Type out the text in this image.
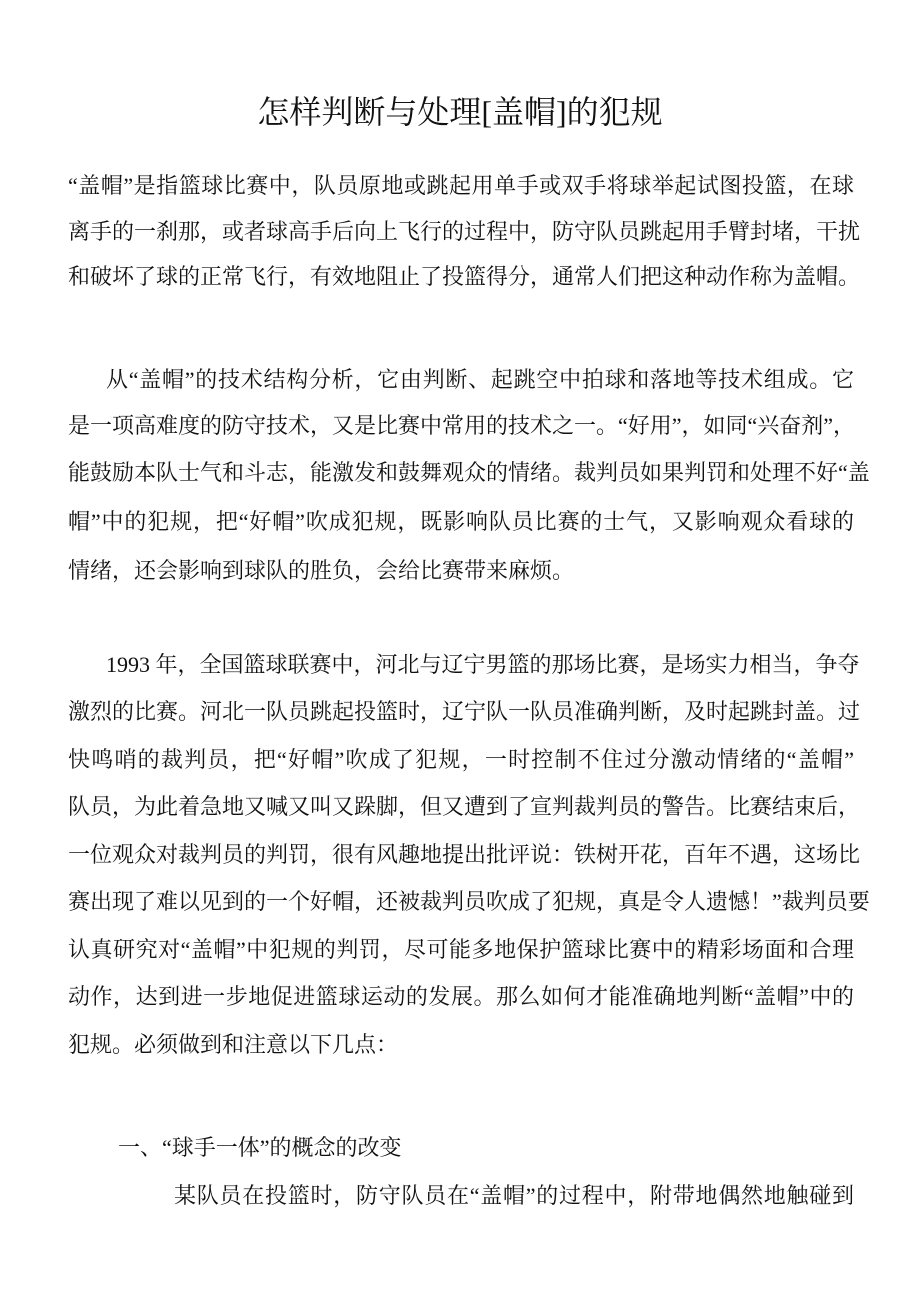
怎样判断与处理[盖帽]的犯规
“盖帽”是指篮球比赛中，队员原地或跳起用单手或双手将球举起试图投篮，在球
离手的一刹那，或者球高手后向上飞行的过程中，防守队员跳起用手臂封堵，干扰
和破坏了球的正常飞行，有效地阻止了投篮得分，通常人们把这种动作称为盖帽。
从“盖帽”的技术结构分析，它由判断、起跳空中拍球和落地等技术组成。它
是一项高难度的防守技术，又是比赛中常用的技术之一。“好用”，如同“兴奋剂”，
能鼓励本队士气和斗志，能激发和鼓舞观众的情绪。裁判员如果判罚和处理不好“盖
帽”中的犯规，把“好帽”吹成犯规，既影响队员比赛的士气，又影响观众看球的
情绪，还会影响到球队的胜负，会给比赛带来麻烦。
1993 年，全国篮球联赛中，河北与辽宁男篮的那场比赛，是场实力相当，争夺
激烈的比赛。河北一队员跳起投篮时，辽宁队一队员准确判断，及时起跳封盖。过
快鸣哨的裁判员，把“好帽”吹成了犯规，一时控制不住过分激动情绪的“盖帽”
队员，为此着急地又喊又叫又跺脚，但又遭到了宣判裁判员的警告。比赛结束后，
一位观众对裁判员的判罚，很有风趣地提出批评说：铁树开花，百年不遇，这场比
赛出现了难以见到的一个好帽，还被裁判员吹成了犯规，真是令人遗憾！”裁判员要
认真研究对“盖帽”中犯规的判罚，尽可能多地保护篮球比赛中的精彩场面和合理
动作，达到进一步地促进篮球运动的发展。那么如何才能准确地判断“盖帽”中的
犯规。必须做到和注意以下几点：
一、“球手一体”的概念的改变
某队员在投篮时，防守队员在“盖帽”的过程中，附带地偶然地触碰到
